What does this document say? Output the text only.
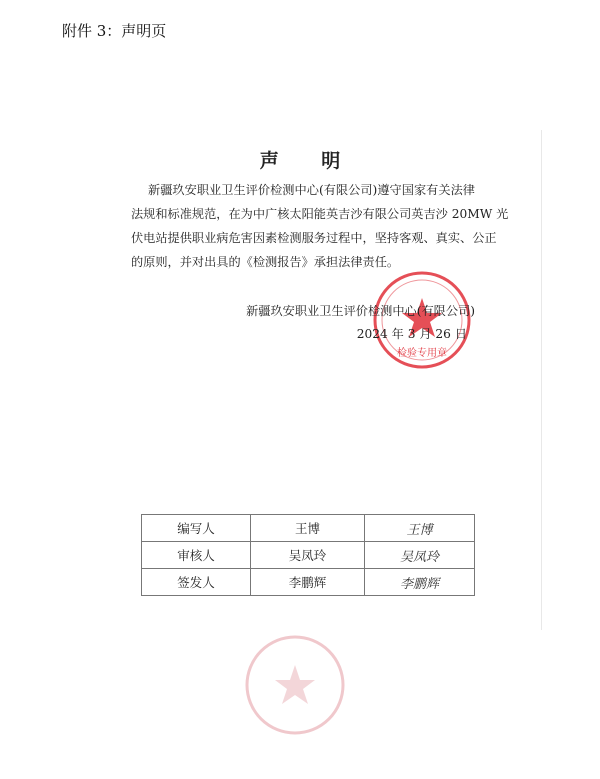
附件 3：声明页
声 明
新疆玖安职业卫生评价检测中心(有限公司)遵守国家有关法律
法规和标准规范，在为中广核太阳能英吉沙有限公司英吉沙 20MW 光
伏电站提供职业病危害因素检测服务过程中，坚持客观、真实、公正
的原则，并对出具的《检测报告》承担法律责任。
检验专用章
新疆玖安职业卫生评价检测中心(有限公司)
2024 年 3 月 26 日
编写人	王博	王博
审核人	吴凤玲	吴凤玲
签发人	李鹏辉	李鹏辉
